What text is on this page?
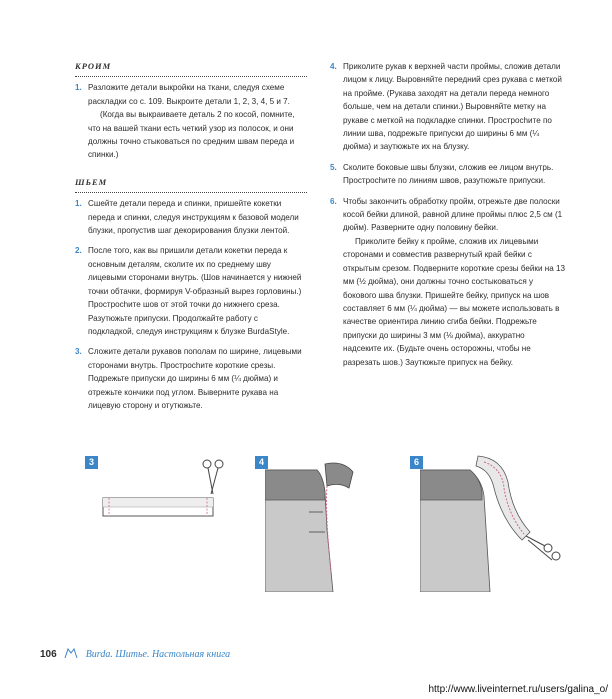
КРОИМ
1. Разложите детали выкройки на ткани, следуя схеме раскладки со с. 109. Выкроите детали 1, 2, 3, 4, 5 и 7.
(Когда вы выкраиваете деталь 2 по косой, помните, что на вашей ткани есть четкий узор из полосок, и они должны точно стыковаться по средним швам переда и спинки.)
ШЬЕМ
1. Сшейте детали переда и спинки, пришейте кокетки переда и спинки, следуя инструкциям к базовой модели блузки, пропустив шаг декорирования блузки лентой.
2. После того, как вы пришили детали кокетки переда к основным деталям, сколите их по среднему шву лицевыми сторонами внутрь. (Шов начинается у нижней точки обтачки, формируя V-образный вырез горловины.) Простроchите шов от этой точки до нижнего среза. Разутюжьте припуски. Продолжайте работу с подкладкой, следуя инструкциям к блузке BurdaStyle.
3. Сложите детали рукавов пополам по ширине, лицевыми сторонами внутрь. Простроchите короткие срезы. Подрежьте припуски до ширины 6 мм (¼ дюйма) и отрежьте кончики под углом. Выверните рукава на лицевую сторону и отутюжьте.
4. Приколите рукав к верхней части проймы, сложив детали лицом к лицу. Выровняйте передний срез рукава с меткой на пройме. (Рукава заходят на детали переда немного больше, чем на детали спинки.) Выровняйте метку на рукаве с меткой на подкладке спинки. Простроchите по линии шва, подрежьте припуски до ширины 6 мм (¼ дюйма) и заутюжьте их на блузку.
5. Сколите боковые швы блузки, сложив ее лицом внутрь. Простроchите по линиям швов, разутюжьте припуски.
6. Чтобы закончить обработку пройм, отрежьте две полоски косой бейки длиной, равной длине проймы плюс 2,5 см (1 дюйм). Разверните одну половину бейки.
Приколите бейку к пройме, сложив их лицевыми сторонами и совместив развернутый край бейки с открытым срезом. Подверните короткие срезы бейки на 13 мм (½ дюйма), они должны точно состыковаться у бокового шва блузки. Пришейте бейку, припуск на шов составляет 6 мм (¼ дюйма) — вы можете использовать в качестве ориентира линию сгиба бейки. Подрежьте припуски до ширины 3 мм (⅛ дюйма), аккуратно надсеките их. (Будьте очень осторожны, чтобы не разрезать шов.) Заутюжьте припуск на бейку.
3	4	6
106	Burda. Шитье. Настольная книга
http://www.liveinternet.ru/users/galina_o/
